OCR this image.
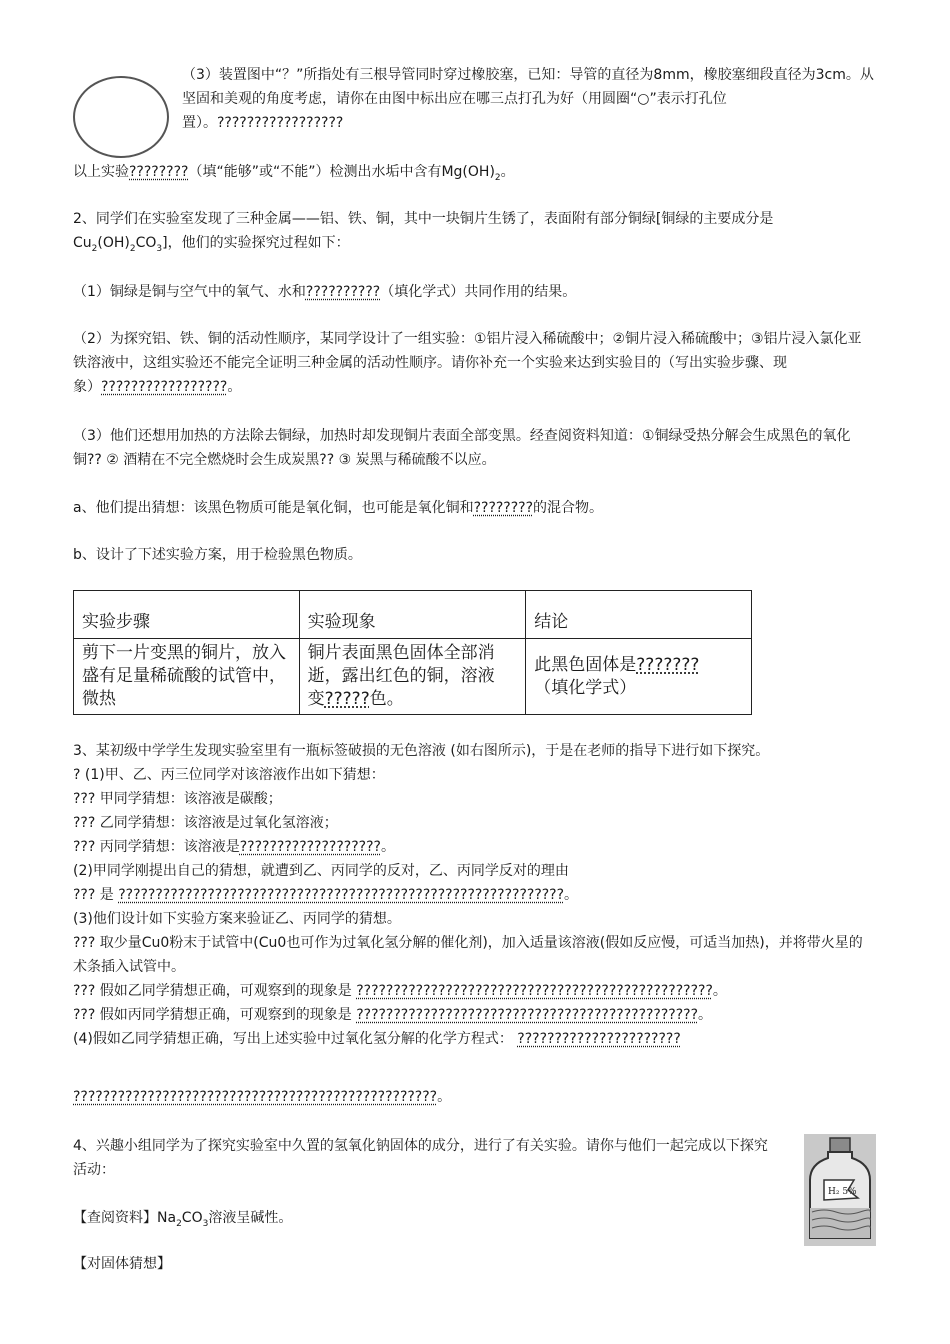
（3）装置图中“？”所指处有三根导管同时穿过橡胶塞，已知：导管的直径为8mm，橡胶塞细段直径为3cm。从坚固和美观的角度考虑，请你在由图中标出应在哪三点打孔为好（用圆圈“○”表示打孔位置）。?????????????????
以上实验????????（填“能够”或“不能”）检测出水垢中含有$Mg(OH)_2$。
2、同学们在实验室发现了三种金属——铝、铁、铜，其中一块铜片生锈了，表面附有部分铜绿[铜绿的主要成分是$Cu_2(OH)_2CO_3$]，他们的实验探究过程如下：
（1）铜绿是铜与空气中的氧气、水和??????????（填化学式）共同作用的结果。
（2）为探究铝、铁、铜的活动性顺序，某同学设计了一组实验：①铝片浸入稀硫酸中；②铜片浸入稀硫酸中；③铝片浸入氯化亚铁溶液中，这组实验还不能完全证明三种金属的活动性顺序。请你补充一个实验来达到实验目的（写出实验步骤、现象）?????????????????。
（3）他们还想用加热的方法除去铜绿，加热时却发现铜片表面全部变黑。经查阅资料知道：①铜绿受热分解会生成黑色的氧化铜?? ② 酒精在不完全燃烧时会生成炭黑?? ③ 炭黑与稀硫酸不以应。
a、他们提出猜想：该黑色物质可能是氧化铜，也可能是氧化铜和????????的混合物。
b、设计了下述实验方案，用于检验黑色物质。
实验步骤	实验现象	结论
剪下一片变黑的铜片，放入盛有足量稀硫酸的试管中，微热	铜片表面黑色固体全部消逝，露出红色的铜，溶液变?????色。	此黑色固体是???????
（填化学式）
3、某初级中学学生发现实验室里有一瓶标签破损的无色溶液 (如右图所示)，于是在老师的指导下进行如下探究。
? (1)甲、乙、丙三位同学对该溶液作出如下猜想：
??? 甲同学猜想：该溶液是碳酸；
??? 乙同学猜想：该溶液是过氧化氢溶液；
??? 丙同学猜想：该溶液是???????????????????。
(2)甲同学刚提出自己的猜想，就遭到乙、丙同学的反对，乙、丙同学反对的理由
??? 是 ????????????????????????????????????????????????????????????。
(3)他们设计如下实验方案来验证乙、丙同学的猜想。
??? 取少量Cu0粉末于试管中(Cu0也可作为过氧化氢分解的催化剂)，加入适量该溶液(假如反应慢，可适当加热)，并将带火星的术条插入试管中。
??? 假如乙同学猜想正确，可观察到的现象是 ????????????????????????????????????????????????。
??? 假如丙同学猜想正确，可观察到的现象是 ??????????????????????????????????????????????。
(4)假如乙同学猜想正确，写出上述实验中过氧化氢分解的化学方程式： ??????????????????????
?????????????????????????????????????????????????。
4、兴趣小组同学为了探究实验室中久置的氢氧化钠固体的成分，进行了有关实验。请你与他们一起完成以下探究活动：
【查阅资料】$Na_2CO_3$溶液呈碱性。
【对固体猜想】
H₂ 5%
